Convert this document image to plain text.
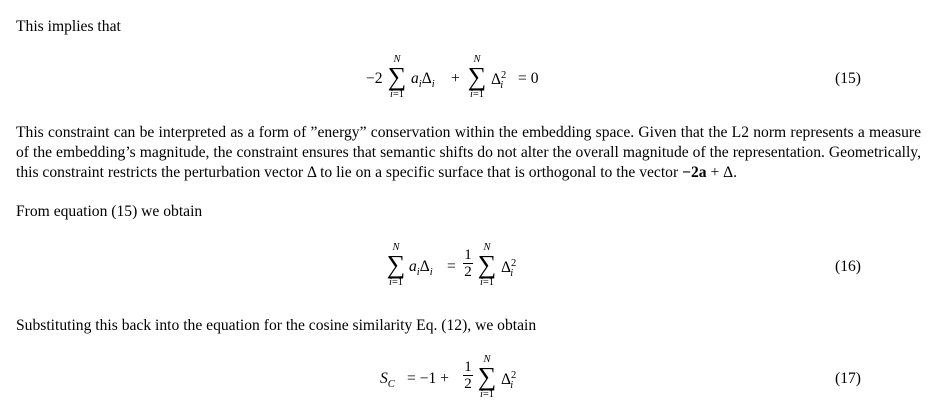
This implies that

−2
N
∑
i=1
$a_i\Delta_i$ +
N
∑
i=1
$\Delta^2_i = 0$	(15)

This constraint can be interpreted as a form of ”energy” conservation within the embedding space. Given that the L2 norm represents a measure of the embedding’s magnitude, the constraint ensures that semantic shifts do not alter the overall magnitude of the representation. Geometrically, this constraint restricts the perturbation vector Δ to lie on a specific surface that is orthogonal to the vector −2a + Δ.

From equation (15) we obtain

N
∑
i=1
$a_i\Delta_i$ =
1
2
N
∑
i=1
$\Delta^2_i$	(16)

Substituting this back into the equation for the cosine similarity Eq. (12), we obtain

$S_C = -1$ +
1
2
N
∑
i=1
$\Delta^2_i$	(17)
